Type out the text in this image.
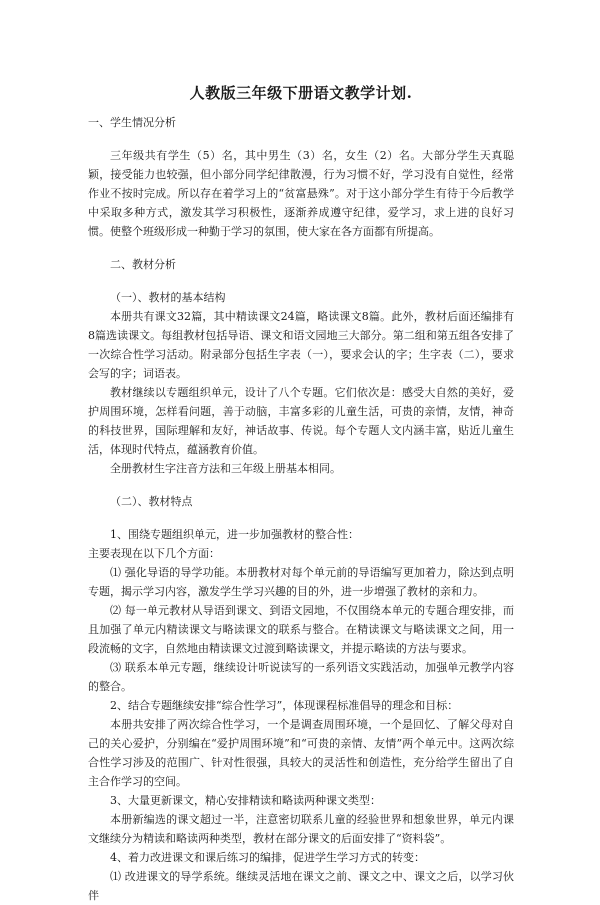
人教版三年级下册语文教学计划.
一、学生情况分析

三年级共有学生（5）名，其中男生（3）名，女生（2）名。大部分学生天真聪颖，接受能力也较强，但小部分同学纪律散漫，行为习惯不好，学习没有自觉性，经常作业不按时完成。所以存在着学习上的“贫富悬殊”。对于这小部分学生有待于今后教学中采取多种方式，激发其学习积极性，逐渐养成遵守纪律，爱学习，求上进的良好习惯。使整个班级形成一种勤于学习的氛围，使大家在各方面都有所提高。

二、教材分析
（一）、教材的基本结构

本册共有课文32篇，其中精读课文24篇，略读课文8篇。此外，教材后面还编排有8篇选读课文。每组教材包括导语、课文和语文园地三大部分。第二组和第五组各安排了一次综合性学习活动。附录部分包括生字表（一），要求会认的字；生字表（二），要求会写的字；词语表。

教材继续以专题组织单元，设计了八个专题。它们依次是：感受大自然的美好，爱护周围环境，怎样看问题，善于动脑，丰富多彩的儿童生活，可贵的亲情，友情，神奇的科技世界，国际理解和友好，神话故事、传说。每个专题人文内涵丰富，贴近儿童生活，体现时代特点，蕴涵教育价值。

全册教材生字注音方法和三年级上册基本相同。

（二）、教材特点

1、围绕专题组织单元，进一步加强教材的整合性：

主要表现在以下几个方面：

⑴ 强化导语的导学功能。本册教材对每个单元前的导语编写更加着力，除达到点明专题，揭示学习内容，激发学生学习兴趣的目的外，进一步增强了教材的亲和力。

⑵ 每一单元教材从导语到课文、到语文园地，不仅围绕本单元的专题合理安排，而且加强了单元内精读课文与略读课文的联系与整合。在精读课文与略读课文之间，用一段流畅的文字，自然地由精读课文过渡到略读课文，并提示略读的方法与要求。

⑶ 联系本单元专题，继续设计听说读写的一系列语文实践活动，加强单元教学内容的整合。

2、结合专题继续安排“综合性学习”，体现课程标准倡导的理念和目标：

本册共安排了两次综合性学习，一个是调查周围环境，一个是回忆、了解父母对自己的关心爱护，分别编在“爱护周围环境”和“可贵的亲情、友情”两个单元中。这两次综合性学习涉及的范围广、针对性很强，具较大的灵活性和创造性，充分给学生留出了自主合作学习的空间。

3、大量更新课文，精心安排精读和略读两种课文类型：

本册新编选的课文超过一半，注意密切联系儿童的经验世界和想象世界，单元内课文继续分为精读和略读两种类型，教材在部分课文的后面安排了“资料袋”。

4、着力改进课文和课后练习的编排，促进学生学习方式的转变：

⑴ 改进课文的导学系统。继续灵活地在课文之前、课文之中、课文之后，以学习伙伴
